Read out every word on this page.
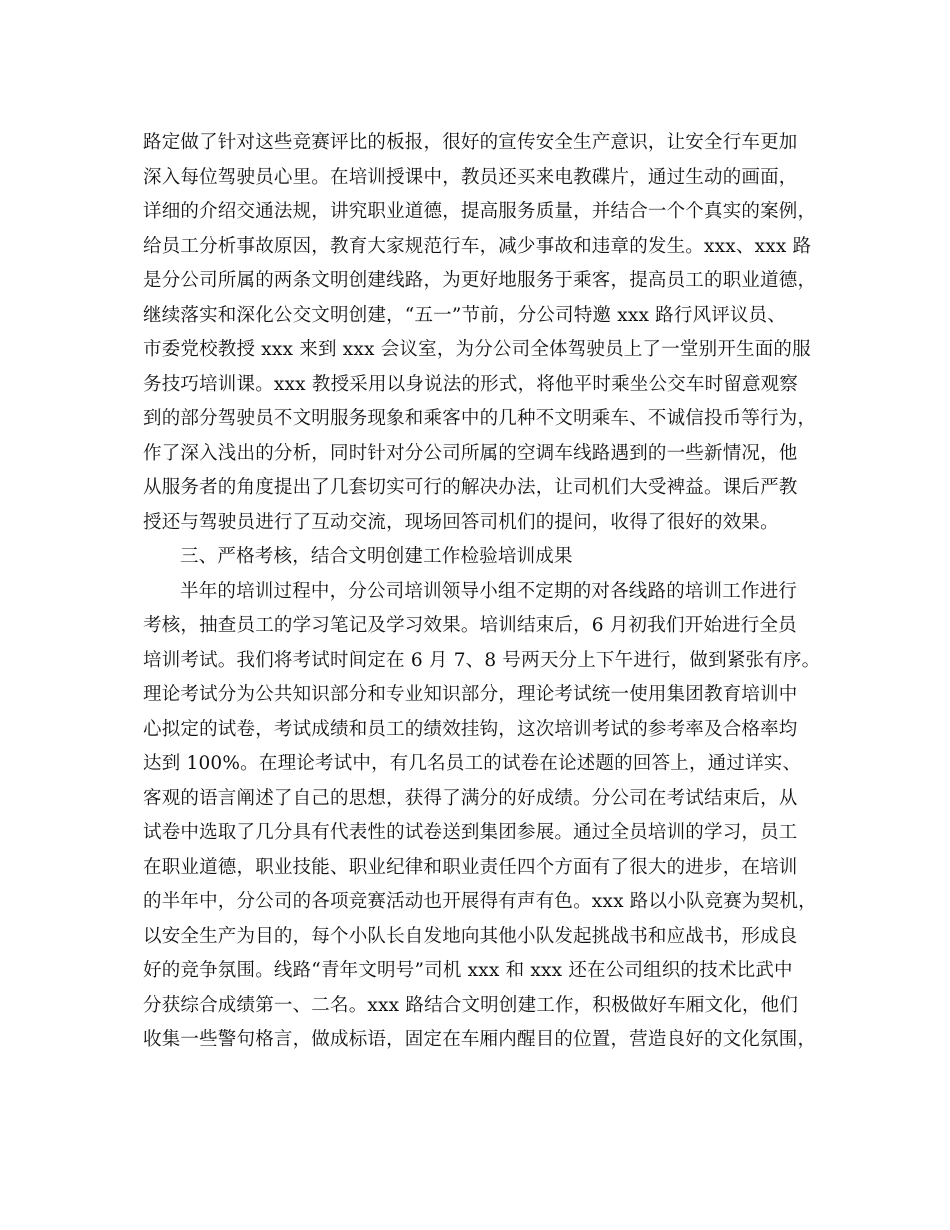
路定做了针对这些竞赛评比的板报，很好的宣传安全生产意识，让安全行车更加
深入每位驾驶员心里。在培训授课中，教员还买来电教碟片，通过生动的画面，
详细的介绍交通法规，讲究职业道德，提高服务质量，并结合一个个真实的案例，
给员工分析事故原因，教育大家规范行车，减少事故和违章的发生。xxx、xxx 路
是分公司所属的两条文明创建线路，为更好地服务于乘客，提高员工的职业道德，
继续落实和深化公交文明创建，“五一”节前，分公司特邀 xxx 路行风评议员、
市委党校教授 xxx 来到 xxx 会议室，为分公司全体驾驶员上了一堂别开生面的服
务技巧培训课。xxx 教授采用以身说法的形式，将他平时乘坐公交车时留意观察
到的部分驾驶员不文明服务现象和乘客中的几种不文明乘车、不诚信投币等行为，
作了深入浅出的分析，同时针对分公司所属的空调车线路遇到的一些新情况，他
从服务者的角度提出了几套切实可行的解决办法，让司机们大受裨益。课后严教
授还与驾驶员进行了互动交流，现场回答司机们的提问，收得了很好的效果。
三、严格考核，结合文明创建工作检验培训成果
半年的培训过程中，分公司培训领导小组不定期的对各线路的培训工作进行
考核，抽查员工的学习笔记及学习效果。培训结束后，6 月初我们开始进行全员
培训考试。我们将考试时间定在 6 月 7、8 号两天分上下午进行，做到紧张有序。
理论考试分为公共知识部分和专业知识部分，理论考试统一使用集团教育培训中
心拟定的试卷，考试成绩和员工的绩效挂钩，这次培训考试的参考率及合格率均
达到 100%。在理论考试中，有几名员工的试卷在论述题的回答上，通过详实、
客观的语言阐述了自己的思想，获得了满分的好成绩。分公司在考试结束后，从
试卷中选取了几分具有代表性的试卷送到集团参展。通过全员培训的学习，员工
在职业道德，职业技能、职业纪律和职业责任四个方面有了很大的进步，在培训
的半年中，分公司的各项竞赛活动也开展得有声有色。xxx 路以小队竞赛为契机，
以安全生产为目的，每个小队长自发地向其他小队发起挑战书和应战书，形成良
好的竞争氛围。线路“青年文明号”司机 xxx 和 xxx 还在公司组织的技术比武中
分获综合成绩第一、二名。xxx 路结合文明创建工作，积极做好车厢文化，他们
收集一些警句格言，做成标语，固定在车厢内醒目的位置，营造良好的文化氛围，
